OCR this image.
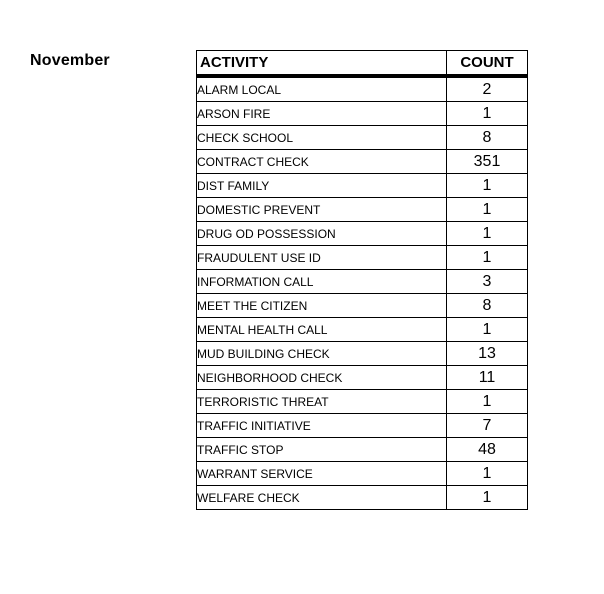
November	ACTIVITY	COUNT
ALARM LOCAL	2
ARSON FIRE	1
CHECK SCHOOL	8
CONTRACT CHECK	351
DIST FAMILY	1
DOMESTIC PREVENT	1
DRUG OD POSSESSION	1
FRAUDULENT USE ID	1
INFORMATION CALL	3
MEET THE CITIZEN	8
MENTAL HEALTH CALL	1
MUD BUILDING CHECK	13
NEIGHBORHOOD CHECK	11
TERRORISTIC THREAT	1
TRAFFIC INITIATIVE	7
TRAFFIC STOP	48
WARRANT SERVICE	1
WELFARE CHECK	1
